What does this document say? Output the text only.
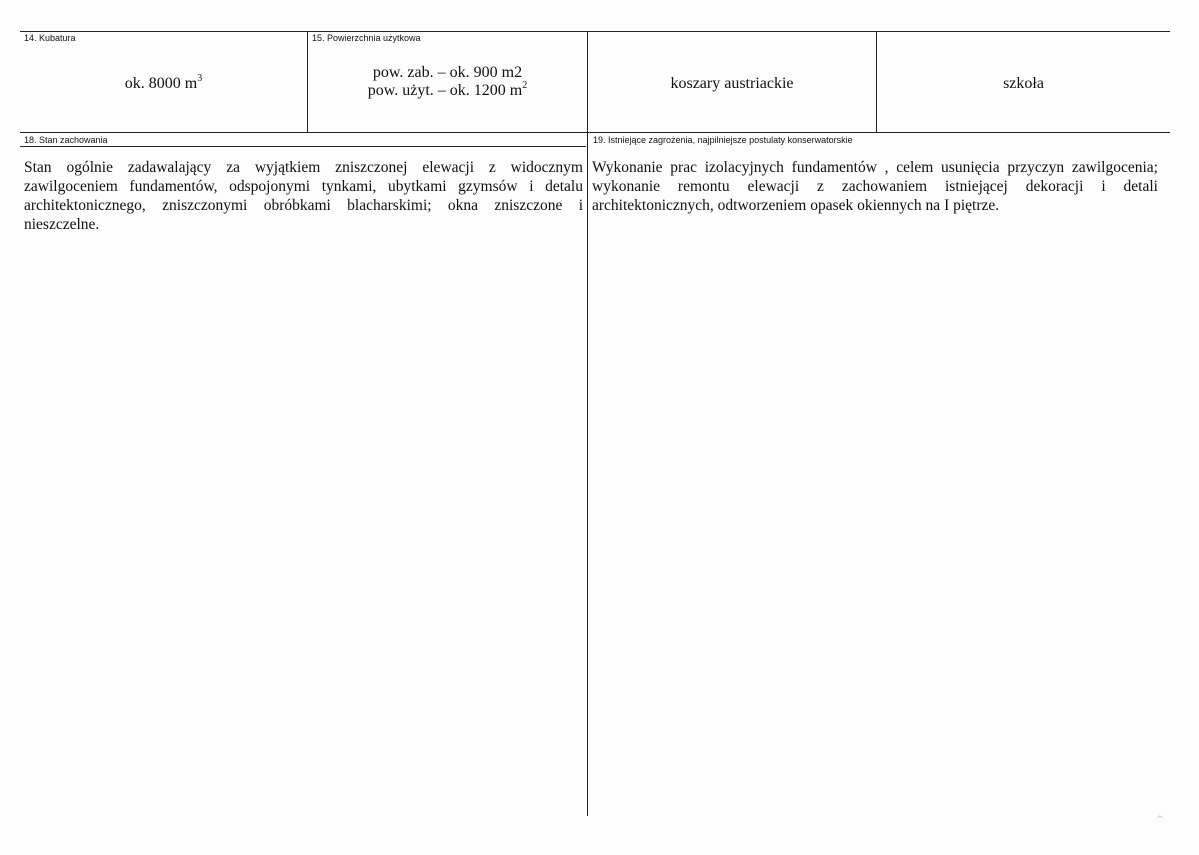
14. Kubatura
ok. 8000 $m^3$
15. Powierzchnia użytkowa
pow. zab. – ok. 900 m2
pow. użyt. – ok. 1200 $m^2$	koszary austriackie	szkoła
18. Stan zachowania
Stan ogólnie zadawalający za wyjątkiem zniszczonej elewacji z widocznym zawilgoceniem fundamentów, odspojonymi tynkami, ubytkami gzymsów i detalu architektonicznego, zniszczonymi obróbkami blacharskimi; okna zniszczone i nieszczelne.
19. Istniejące zagrożenia, najpilniejsze postulaty konserwatorskie
Wykonanie prac izolacyjnych fundamentów , celem usunięcia przyczyn zawilgocenia; wykonanie remontu elewacji z zachowaniem istniejącej dekoracji i detali architektonicznych, odtworzeniem opasek okiennych na I piętrze.
^
